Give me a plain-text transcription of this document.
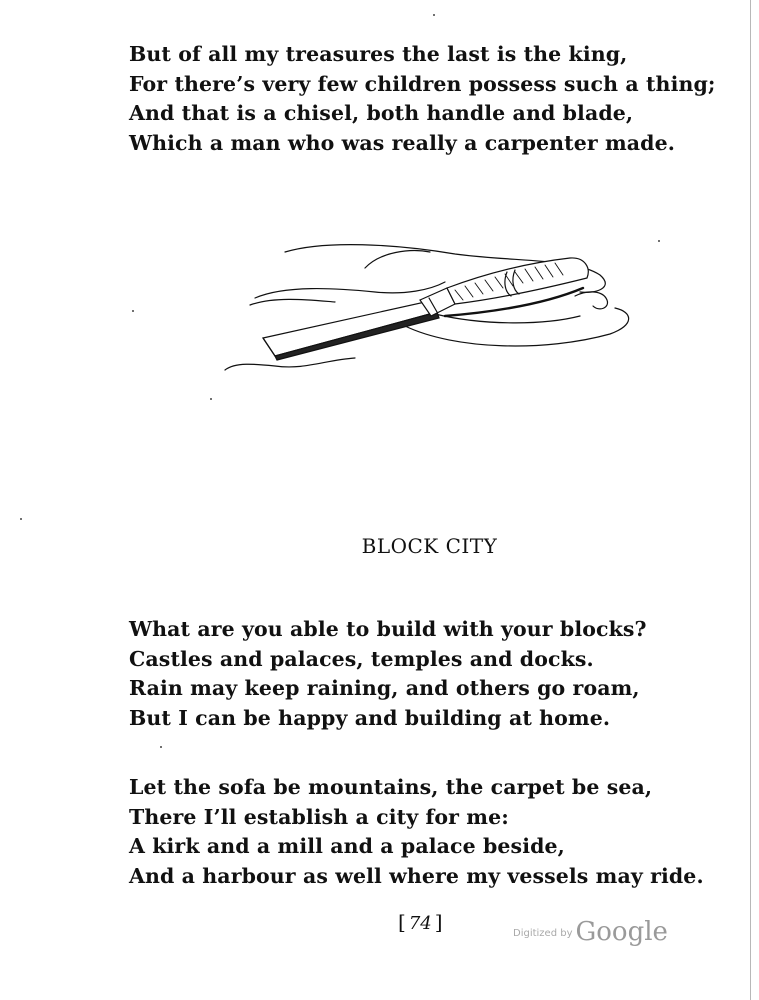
But of all my treasures the last is the king,
For there’s very few children possess such a thing;
And that is a chisel, both handle and blade,
Which a man who was really a carpenter made.
BLOCK CITY
What are you able to build with your blocks?
Castles and palaces, temples and docks.
Rain may keep raining, and others go roam,
But I can be happy and building at home.
Let the sofa be mountains, the carpet be sea,
There I’ll establish a city for me:
A kirk and a mill and a palace beside,
And a harbour as well where my vessels may ride.
[ 74 ]	$^{Digitized by}$ Google
